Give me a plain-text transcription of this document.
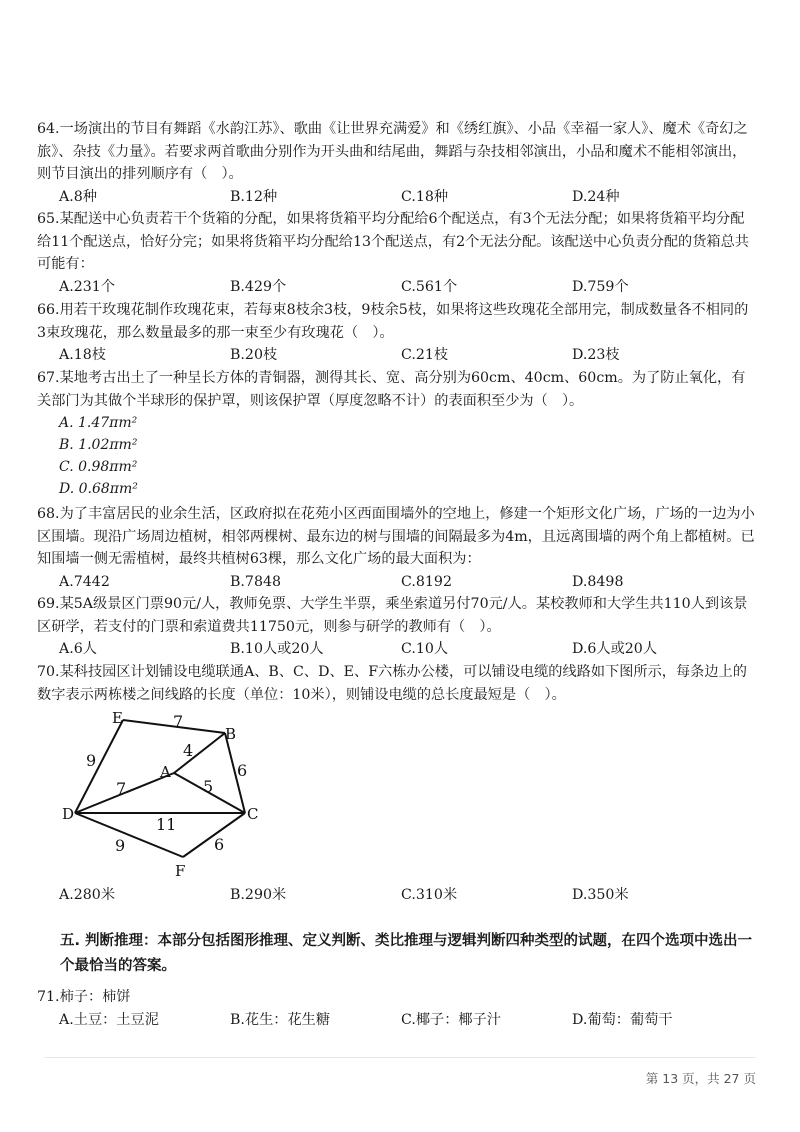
64.一场演出的节目有舞蹈《水韵江苏》、歌曲《让世界充满爱》和《绣红旗》、小品《幸福一家人》、魔术《奇幻之旅》、杂技《力量》。若要求两首歌曲分别作为开头曲和结尾曲，舞蹈与杂技相邻演出，小品和魔术不能相邻演出，则节目演出的排列顺序有（　）。
A.8种	B.12种	C.18种	D.24种
65.某配送中心负责若干个货箱的分配，如果将货箱平均分配给6个配送点，有3个无法分配；如果将货箱平均分配给11个配送点，恰好分完；如果将货箱平均分配给13个配送点，有2个无法分配。该配送中心负责分配的货箱总共可能有：
A.231个	B.429个	C.561个	D.759个
66.用若干玫瑰花制作玫瑰花束，若每束8枝余3枝，9枝余5枝，如果将这些玫瑰花全部用完，制成数量各不相同的3束玫瑰花，那么数量最多的那一束至少有玫瑰花（　）。
A.18枝	B.20枝	C.21枝	D.23枝
67.某地考古出土了一种呈长方体的青铜器，测得其长、宽、高分别为60cm、40cm、60cm。为了防止氧化，有关部门为其做个半球形的保护罩，则该保护罩（厚度忽略不计）的表面积至少为（　）。
A. 1.47πm²
B. 1.02πm²
C. 0.98πm²
D. 0.68πm²
68.为了丰富居民的业余生活，区政府拟在花苑小区西面围墙外的空地上，修建一个矩形文化广场，广场的一边为小区围墙。现沿广场周边植树，相邻两棵树、最东边的树与围墙的间隔最多为4m，且远离围墙的两个角上都植树。已知围墙一侧无需植树，最终共植树63棵，那么文化广场的最大面积为：
A.7442	B.7848	C.8192	D.8498
69.某5A级景区门票90元/人，教师免票、大学生半票，乘坐索道另付70元/人。某校教师和大学生共110人到该景区研学，若支付的门票和索道费共11750元，则参与研学的教师有（　）。
A.6人	B.10人或20人	C.10人	D.6人或20人
70.某科技园区计划铺设电缆联通A、B、C、D、E、F六栋办公楼，可以铺设电缆的线路如下图所示，每条边上的数字表示两栋楼之间线路的长度（单位：10米），则铺设电缆的总长度最短是（　）。
E
B
A
D	C
F
7
9
4
7	5
6
11
9	6
A.280米	B.290米	C.310米	D.350米
五. 判断推理：本部分包括图形推理、定义判断、类比推理与逻辑判断四种类型的试题，在四个选项中选出一个最恰当的答案。
71.柿子：柿饼
A.土豆：土豆泥	B.花生：花生糖	C.椰子：椰子汁	D.葡萄：葡萄干
第 13 页，共 27 页
